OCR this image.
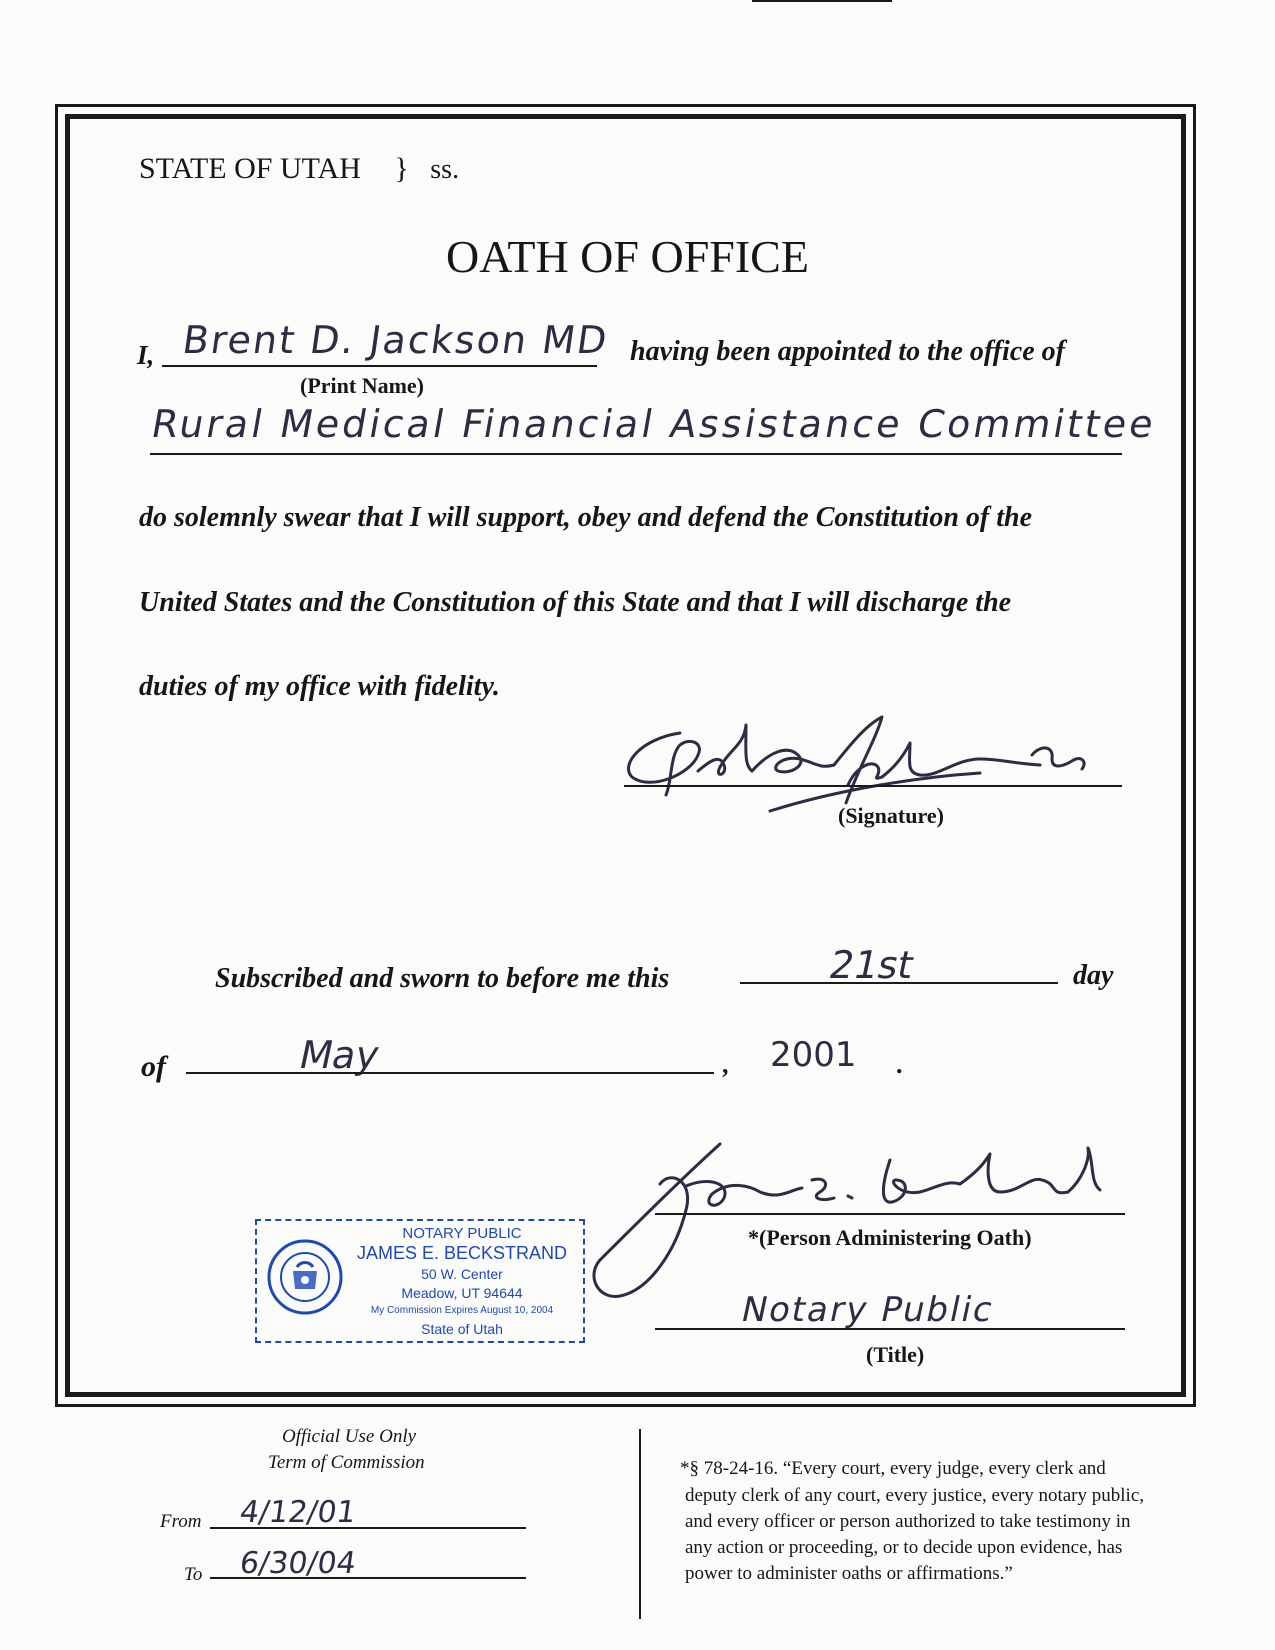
STATE OF UTAH } ss.
OATH OF OFFICE
I, Brent D. Jackson MD
(Print Name)
having been appointed to the office of
Rural Medical Financial Assistance Committee
do solemnly swear that I will support, obey and defend the Constitution of the
United States and the Constitution of this State and that I will discharge the
duties of my office with fidelity.
(Signature)
Subscribed and sworn to before me this	21st	day
of	May	, 2001 .
*(Person Administering Oath)
Notary Public
(Title)
NOTARY PUBLIC
JAMES E. BECKSTRAND
50 W. Center
Meadow, UT 94644
My Commission Expires August 10, 2004
State of Utah
Official Use Only
Term of Commission
From 4/12/01
To 6/30/04
*§ 78-24-16. “Every court, every judge, every clerk and
deputy clerk of any court, every justice, every notary public,
and every officer or person authorized to take testimony in
any action or proceeding, or to decide upon evidence, has
power to administer oaths or affirmations.”
